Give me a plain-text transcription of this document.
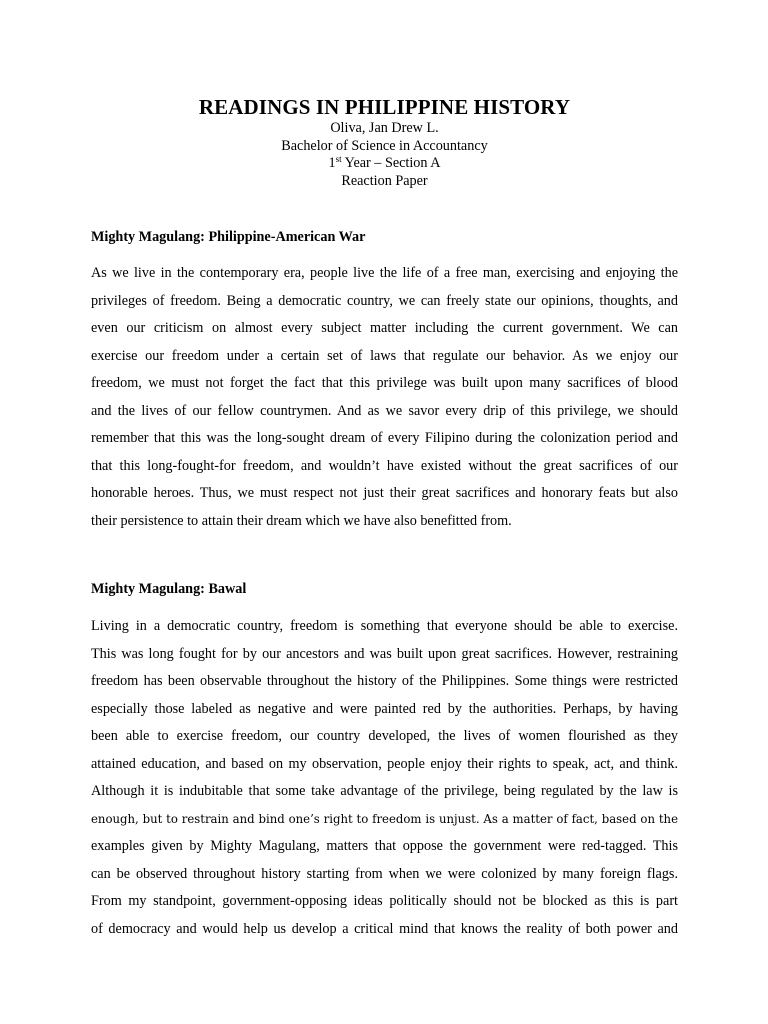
READINGS IN PHILIPPINE HISTORY

Oliva, Jan Drew L.

Bachelor of Science in Accountancy

1st Year – Section A

Reaction Paper

Mighty Magulang: Philippine-American War
As we live in the contemporary era, people live the life of a free man, exercising and enjoying the
privileges of freedom. Being a democratic country, we can freely state our opinions, thoughts, and
even our criticism on almost every subject matter including the current government. We can
exercise our freedom under a certain set of laws that regulate our behavior. As we enjoy our
freedom, we must not forget the fact that this privilege was built upon many sacrifices of blood
and the lives of our fellow countrymen. And as we savor every drip of this privilege, we should
remember that this was the long-sought dream of every Filipino during the colonization period and
that this long-fought-for freedom, and wouldn’t have existed without the great sacrifices of our
honorable heroes. Thus, we must respect not just their great sacrifices and honorary feats but also
their persistence to attain their dream which we have also benefitted from.
Mighty Magulang: Bawal
Living in a democratic country, freedom is something that everyone should be able to exercise.
This was long fought for by our ancestors and was built upon great sacrifices. However, restraining
freedom has been observable throughout the history of the Philippines. Some things were restricted
especially those labeled as negative and were painted red by the authorities. Perhaps, by having
been able to exercise freedom, our country developed, the lives of women flourished as they
attained education, and based on my observation, people enjoy their rights to speak, act, and think.
Although it is indubitable that some take advantage of the privilege, being regulated by the law is
enough, but to restrain and bind one’s right to freedom is unjust. As a matter of fact, based on the
examples given by Mighty Magulang, matters that oppose the government were red-tagged. This
can be observed throughout history starting from when we were colonized by many foreign flags.
From my standpoint, government-opposing ideas politically should not be blocked as this is part
of democracy and would help us develop a critical mind that knows the reality of both power and
